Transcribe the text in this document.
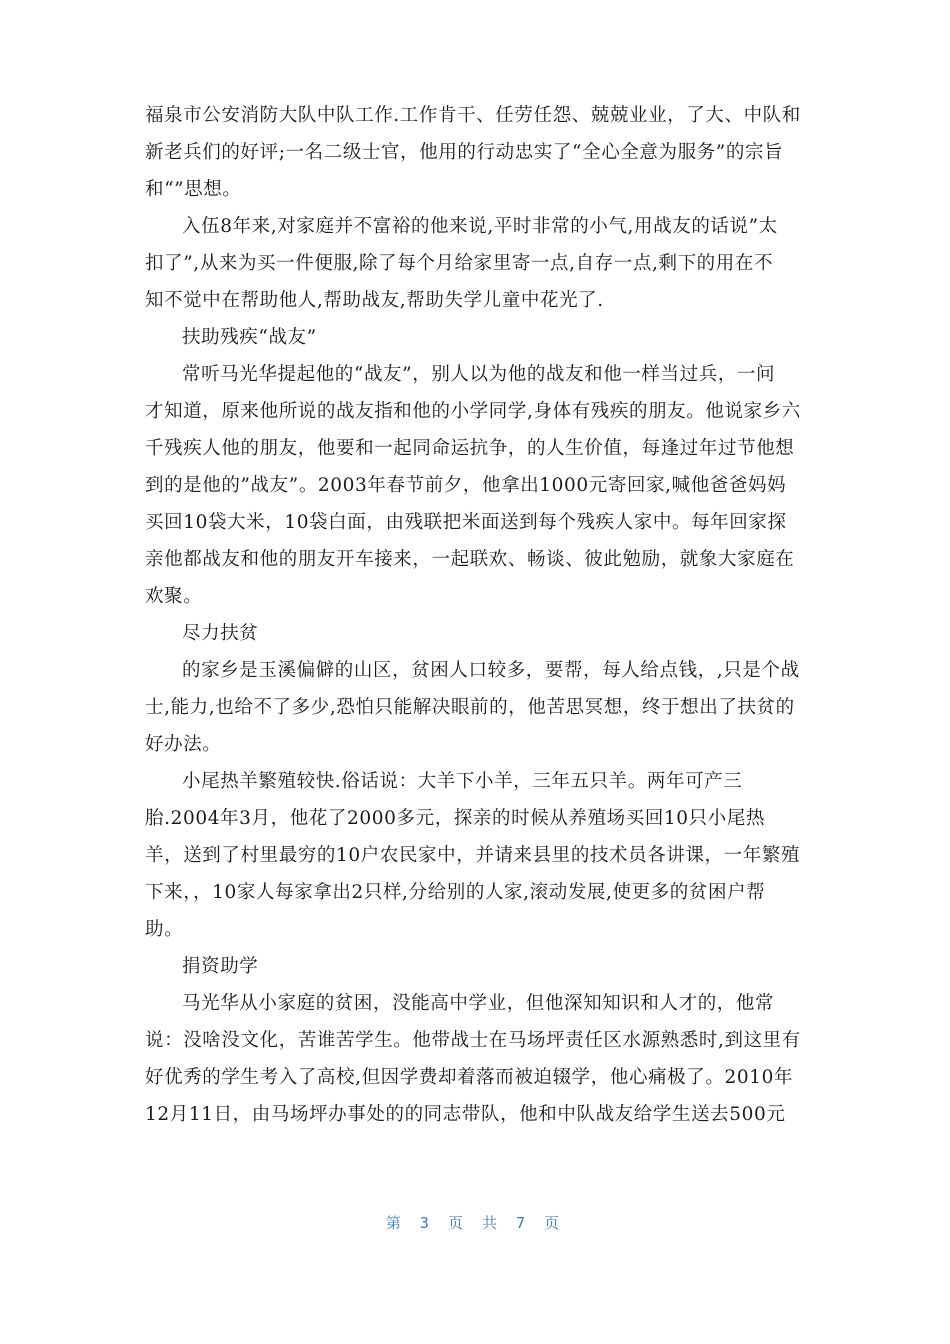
福泉市公安消防大队中队工作.工作肯干、任劳任怨、兢兢业业，了大、中队和
新老兵们的好评;一名二级士官，他用的行动忠实了“全心全意为服务”的宗旨
和“”思想。

入伍8年来,对家庭并不富裕的他来说,平时非常的小气,用战友的话说”太
扣了”,从来为买一件便服,除了每个月给家里寄一点,自存一点,剩下的用在不
知不觉中在帮助他人,帮助战友,帮助失学儿童中花光了.

扶助残疾“战友”

常听马光华提起他的“战友”，别人以为他的战友和他一样当过兵，一问
才知道，原来他所说的战友指和他的小学同学,身体有残疾的朋友。他说家乡六
千残疾人他的朋友，他要和一起同命运抗争，的人生价值，每逢过年过节他想
到的是他的”战友”。2003年春节前夕，他拿出1000元寄回家,喊他爸爸妈妈
买回10袋大米，10袋白面，由残联把米面送到每个残疾人家中。每年回家探
亲他都战友和他的朋友开车接来，一起联欢、畅谈、彼此勉励，就象大家庭在
欢聚。

尽力扶贫

的家乡是玉溪偏僻的山区，贫困人口较多，要帮，每人给点钱，,只是个战
士,能力,也给不了多少,恐怕只能解决眼前的，他苦思冥想，终于想出了扶贫的
好办法。

小尾热羊繁殖较快.俗话说：大羊下小羊，三年五只羊。两年可产三
胎.2004年3月，他花了2000多元，探亲的时候从养殖场买回10只小尾热
羊，送到了村里最穷的10户农民家中，并请来县里的技术员各讲课，一年繁殖
下来，，10家人每家拿出2只样,分给别的人家,滚动发展,使更多的贫困户帮
助。

捐资助学

马光华从小家庭的贫困，没能高中学业，但他深知知识和人才的，他常
说：没啥没文化，苦谁苦学生。他带战士在马场坪责任区水源熟悉时,到这里有
好优秀的学生考入了高校,但因学费却着落而被迫辍学，他心痛极了。2010年
12月11日，由马场坪办事处的的同志带队，他和中队战友给学生送去500元

第 3 页 共 7 页
